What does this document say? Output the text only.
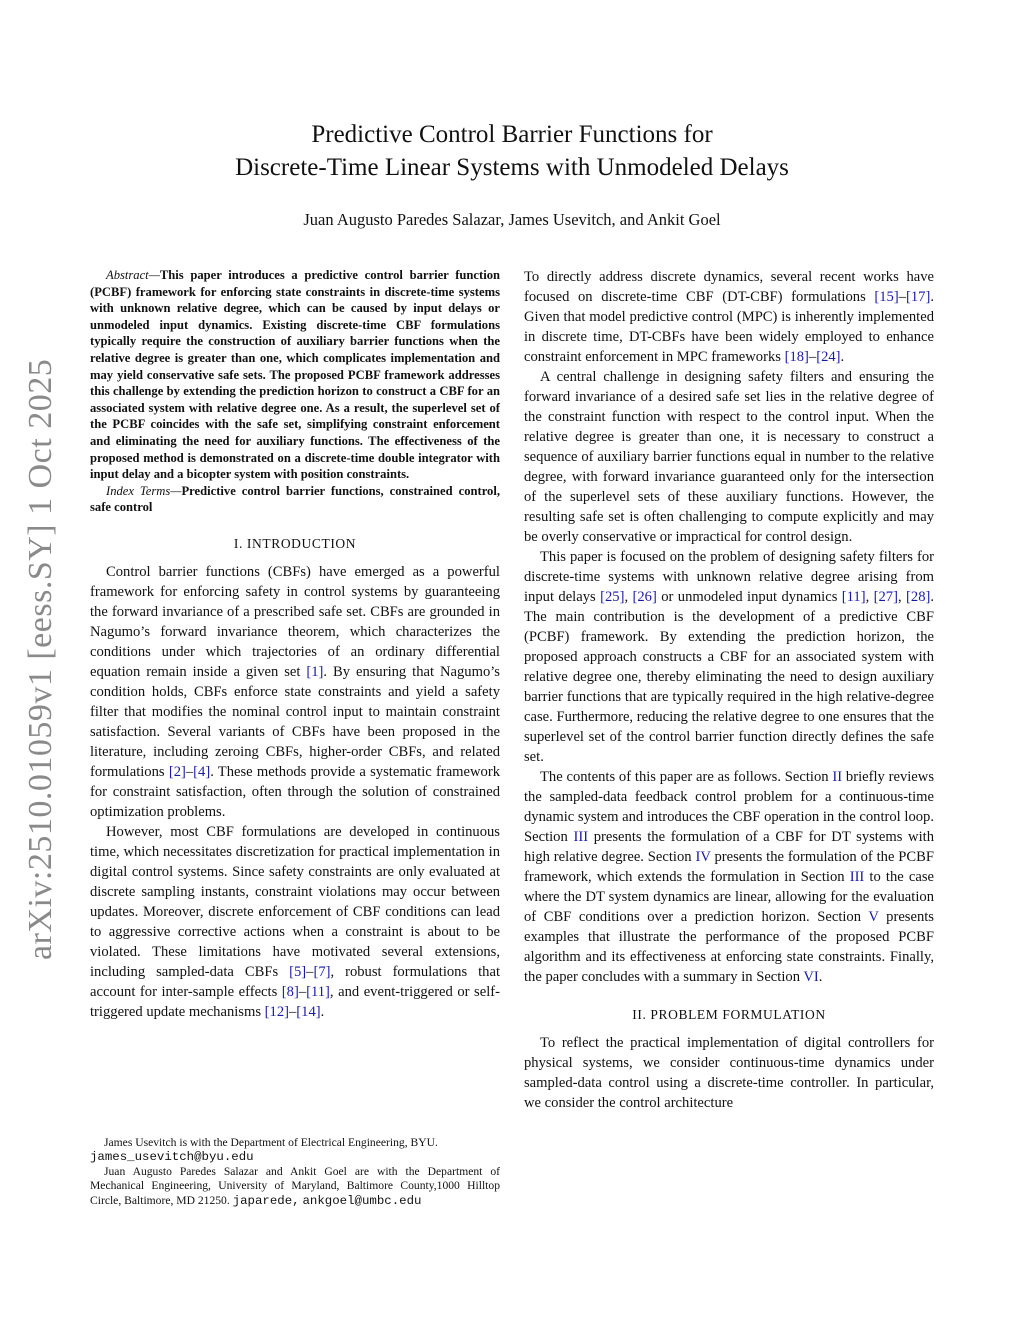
arXiv:2510.01059v1 [eess.SY] 1 Oct 2025
Predictive Control Barrier Functions for
Discrete-Time Linear Systems with Unmodeled Delays
Juan Augusto Paredes Salazar, James Usevitch, and Ankit Goel

Abstract—This paper introduces a predictive control barrier function (PCBF) framework for enforcing state constraints in discrete-time systems with unknown relative degree, which can be caused by input delays or unmodeled input dynamics. Existing discrete-time CBF formulations typically require the construction of auxiliary barrier functions when the relative degree is greater than one, which complicates implementation and may yield conservative safe sets. The proposed PCBF framework addresses this challenge by extending the prediction horizon to construct a CBF for an associated system with relative degree one. As a result, the superlevel set of the PCBF coincides with the safe set, simplifying constraint enforcement and eliminating the need for auxiliary functions. The effectiveness of the proposed method is demonstrated on a discrete-time double integrator with input delay and a bicopter system with position constraints.

Index Terms—Predictive control barrier functions, constrained control, safe control

I. INTRODUCTION

Control barrier functions (CBFs) have emerged as a powerful framework for enforcing safety in control systems by guaranteeing the forward invariance of a prescribed safe set. CBFs are grounded in Nagumo’s forward invariance theorem, which characterizes the conditions under which trajectories of an ordinary differential equation remain inside a given set [1]. By ensuring that Nagumo’s condition holds, CBFs enforce state constraints and yield a safety filter that modifies the nominal control input to maintain constraint satisfaction. Several variants of CBFs have been proposed in the literature, including zeroing CBFs, higher-order CBFs, and related formulations [2]–[4]. These methods provide a systematic framework for constraint satisfaction, often through the solution of constrained optimization problems.

However, most CBF formulations are developed in continuous time, which necessitates discretization for practical implementation in digital control systems. Since safety constraints are only evaluated at discrete sampling instants, constraint violations may occur between updates. Moreover, discrete enforcement of CBF conditions can lead to aggressive corrective actions when a constraint is about to be violated. These limitations have motivated several extensions, including sampled-data CBFs [5]–[7], robust formulations that account for inter-sample effects [8]–[11], and event-triggered or self-triggered update mechanisms [12]–[14].

James Usevitch is with the Department of Electrical Engineering, BYU.
james_usevitch@byu.edu

Juan Augusto Paredes Salazar and Ankit Goel are with the Department of Mechanical Engineering, University of Maryland, Baltimore County,1000 Hilltop Circle, Baltimore, MD 21250. japarede, ankgoel@umbc.edu

To directly address discrete dynamics, several recent works have focused on discrete-time CBF (DT-CBF) formulations [15]–[17]. Given that model predictive control (MPC) is inherently implemented in discrete time, DT-CBFs have been widely employed to enhance constraint enforcement in MPC frameworks [18]–[24].

A central challenge in designing safety filters and ensuring the forward invariance of a desired safe set lies in the relative degree of the constraint function with respect to the control input. When the relative degree is greater than one, it is necessary to construct a sequence of auxiliary barrier functions equal in number to the relative degree, with forward invariance guaranteed only for the intersection of the superlevel sets of these auxiliary functions. However, the resulting safe set is often challenging to compute explicitly and may be overly conservative or impractical for control design.

This paper is focused on the problem of designing safety filters for discrete-time systems with unknown relative degree arising from input delays [25], [26] or unmodeled input dynamics [11], [27], [28]. The main contribution is the development of a predictive CBF (PCBF) framework. By extending the prediction horizon, the proposed approach constructs a CBF for an associated system with relative degree one, thereby eliminating the need to design auxiliary barrier functions that are typically required in the high relative-degree case. Furthermore, reducing the relative degree to one ensures that the superlevel set of the control barrier function directly defines the safe set.

The contents of this paper are as follows. Section II briefly reviews the sampled-data feedback control problem for a continuous-time dynamic system and introduces the CBF operation in the control loop. Section III presents the formulation of a CBF for DT systems with high relative degree. Section IV presents the formulation of the PCBF framework, which extends the formulation in Section III to the case where the DT system dynamics are linear, allowing for the evaluation of CBF conditions over a prediction horizon. Section V presents examples that illustrate the performance of the proposed PCBF algorithm and its effectiveness at enforcing state constraints. Finally, the paper concludes with a summary in Section VI.

II. PROBLEM FORMULATION

To reflect the practical implementation of digital controllers for physical systems, we consider continuous-time dynamics under sampled-data control using a discrete-time controller. In particular, we consider the control architecture
